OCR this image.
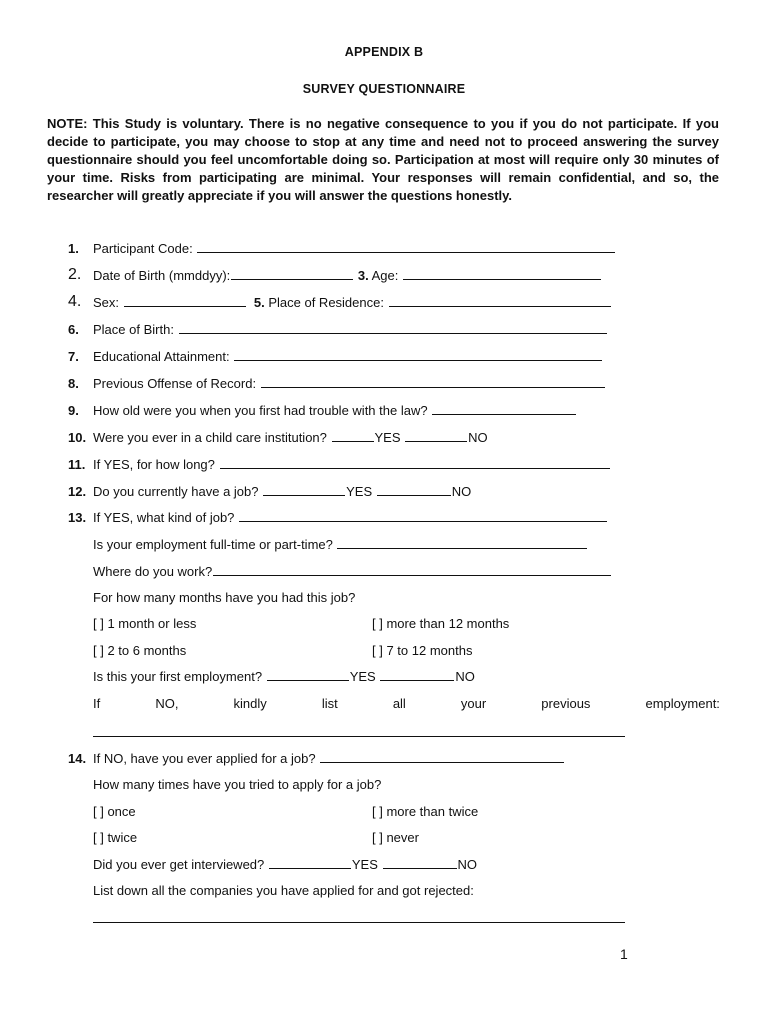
APPENDIX B
SURVEY QUESTIONNAIRE
NOTE: This Study is voluntary. There is no negative consequence to you if you do not participate. If you decide to participate, you may choose to stop at any time and need not to proceed answering the survey questionnaire should you feel uncomfortable doing so. Participation at most will require only 30 minutes of your time. Risks from participating are minimal. Your responses will remain confidential, and so, the researcher will greatly appreciate if you will answer the questions honestly.
1. Participant Code:
2. Date of Birth (mmddyy):	3. Age:
4. Sex:	5. Place of Residence:
6. Place of Birth:
7. Educational Attainment:
8. Previous Offense of Record:
9. How old were you when you first had trouble with the law?
10. Were you ever in a child care institution?	YES	NO
11. If YES, for how long?
12. Do you currently have a job?	YES	NO
13. If YES, what kind of job?
Is your employment full-time or part-time?
Where do you work?
For how many months have you had this job?
[ ] 1 month or less	[ ] more than 12 months
[ ] 2 to 6 months	[ ] 7 to 12 months
Is this your first employment?	YES	NO
If	NO,	kindly	list	all	your	previous	employment:
14. If NO, have you ever applied for a job?
How many times have you tried to apply for a job?
[ ] once	[ ] more than twice
[ ] twice	[ ] never
Did you ever get interviewed?	YES	NO
List down all the companies you have applied for and got rejected:
1
